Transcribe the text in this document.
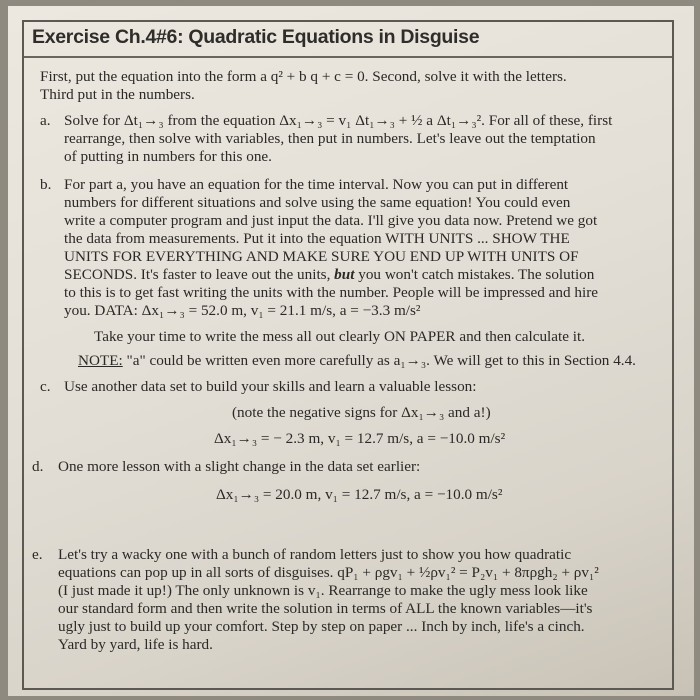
Exercise Ch.4#6: Quadratic Equations in Disguise
First, put the equation into the form a q² + b q + c = 0. Second, solve it with the letters.
Third put in the numbers.
a. Solve for Δt₁→₃ from the equation Δx₁→₃ = v₁ Δt₁→₃ + ½ a Δt₁→₃². For all of these, first
rearrange, then solve with variables, then put in numbers. Let's leave out the temptation
of putting in numbers for this one.
b. For part a, you have an equation for the time interval. Now you can put in different
numbers for different situations and solve using the same equation! You could even
write a computer program and just input the data. I'll give you data now. Pretend we got
the data from measurements. Put it into the equation WITH UNITS ... SHOW THE
UNITS FOR EVERYTHING AND MAKE SURE YOU END UP WITH UNITS OF
SECONDS. It's faster to leave out the units, but you won't catch mistakes. The solution
to this is to get fast writing the units with the number. People will be impressed and hire
you. DATA: Δx₁→₃ = 52.0 m, v₁ = 21.1 m/s, a = −3.3 m/s²
Take your time to write the mess all out clearly ON PAPER and then calculate it.
NOTE: "a" could be written even more carefully as a₁→₃. We will get to this in Section 4.4.
c. Use another data set to build your skills and learn a valuable lesson:
(note the negative signs for Δx₁→₃ and a!)
Δx₁→₃ = − 2.3 m, v₁ = 12.7 m/s, a = −10.0 m/s²
d. One more lesson with a slight change in the data set earlier:
Δx₁→₃ = 20.0 m, v₁ = 12.7 m/s, a = −10.0 m/s²
e. Let's try a wacky one with a bunch of random letters just to show you how quadratic
equations can pop up in all sorts of disguises. qP₁ + ρgv₁ + ½ρv₁² = P₂v₁ + 8πρgh₂ + ρv₁²
(I just made it up!) The only unknown is v₁. Rearrange to make the ugly mess look like
our standard form and then write the solution in terms of ALL the known variables—it's
ugly just to build up your comfort. Step by step on paper ... Inch by inch, life's a cinch.
Yard by yard, life is hard.
